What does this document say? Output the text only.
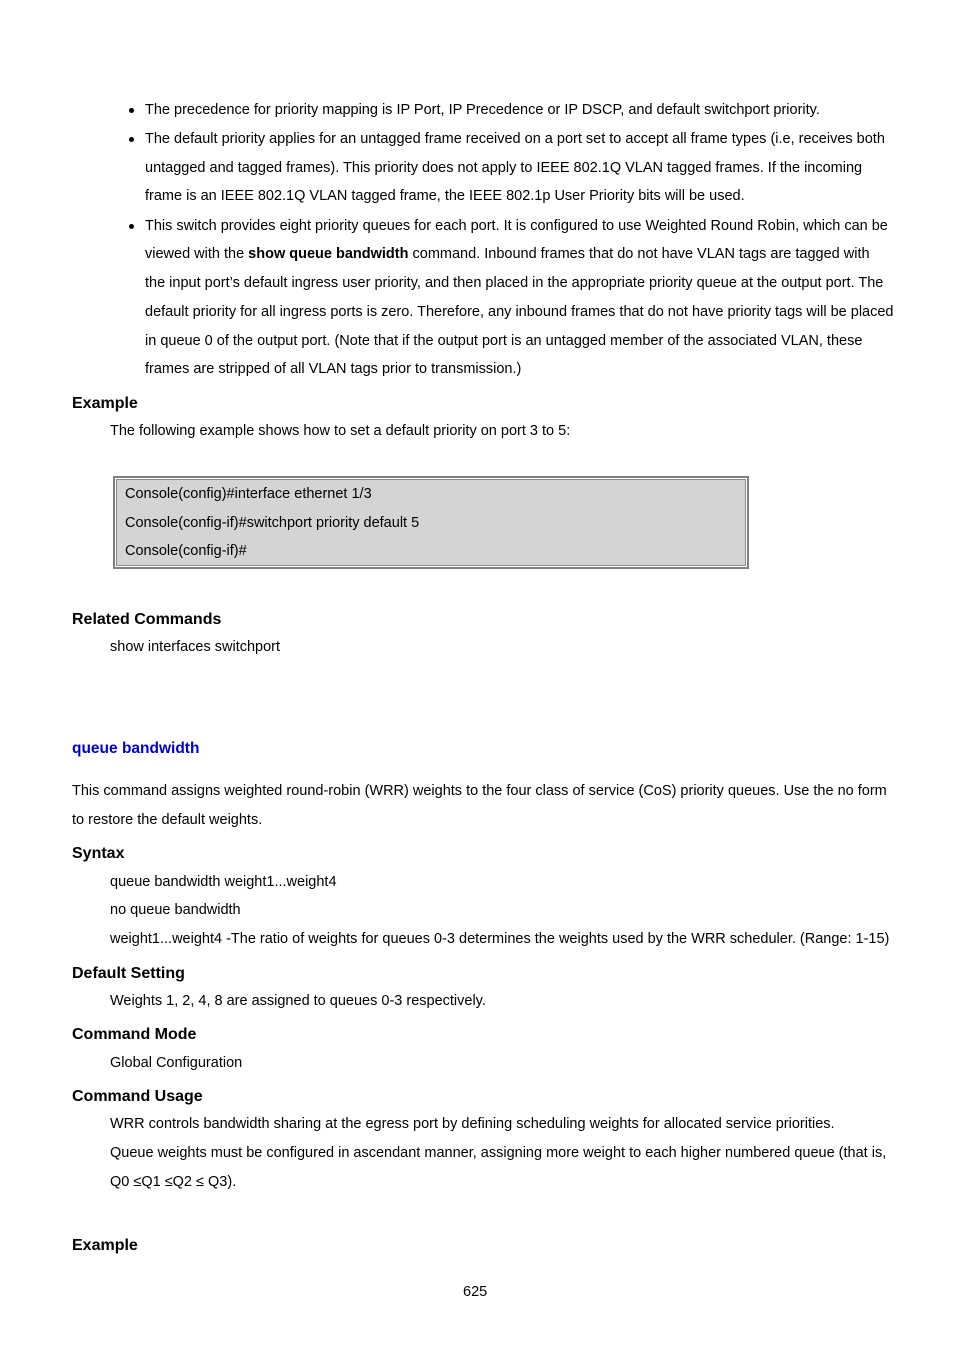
The precedence for priority mapping is IP Port, IP Precedence or IP DSCP, and default switchport priority.
The default priority applies for an untagged frame received on a port set to accept all frame types (i.e, receives both
untagged and tagged frames). This priority does not apply to IEEE 802.1Q VLAN tagged frames. If the incoming
frame is an IEEE 802.1Q VLAN tagged frame, the IEEE 802.1p User Priority bits will be used.
This switch provides eight priority queues for each port. It is configured to use Weighted Round Robin, which can be
viewed with the show queue bandwidth command. Inbound frames that do not have VLAN tags are tagged with
the input port’s default ingress user priority, and then placed in the appropriate priority queue at the output port. The
default priority for all ingress ports is zero. Therefore, any inbound frames that do not have priority tags will be placed
in queue 0 of the output port. (Note that if the output port is an untagged member of the associated VLAN, these
frames are stripped of all VLAN tags prior to transmission.)
Example
The following example shows how to set a default priority on port 3 to 5:
Console(config)#interface ethernet 1/3
Console(config-if)#switchport priority default 5
Console(config-if)#
Related Commands
show interfaces switchport
queue bandwidth
This command assigns weighted round-robin (WRR) weights to the four class of service (CoS) priority queues. Use the no form
to restore the default weights.
Syntax
queue bandwidth weight1...weight4
no queue bandwidth
weight1...weight4 -The ratio of weights for queues 0-3 determines the weights used by the WRR scheduler. (Range: 1-15)
Default Setting
Weights 1, 2, 4, 8 are assigned to queues 0-3 respectively.
Command Mode
Global Configuration
Command Usage
WRR controls bandwidth sharing at the egress port by defining scheduling weights for allocated service priorities.
Queue weights must be configured in ascendant manner, assigning more weight to each higher numbered queue (that is,
Q0 ≤Q1 ≤Q2 ≤ Q3).
Example
625
